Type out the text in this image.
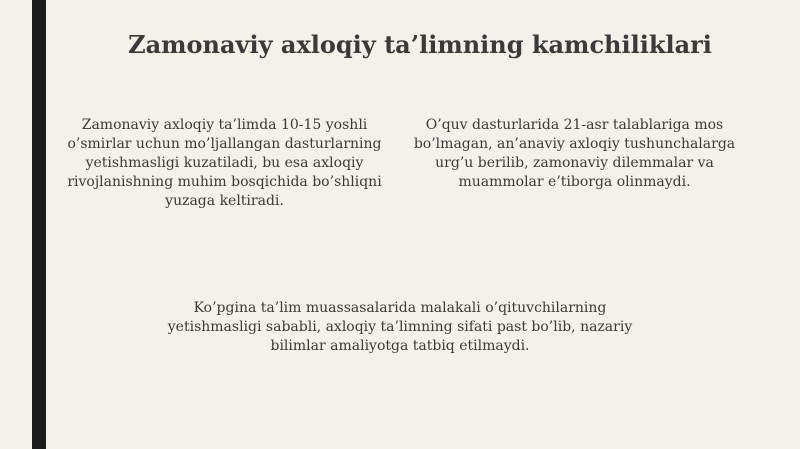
Zamonaviy axloqiy ta’limning kamchiliklari

Zamonaviy axloqiy ta’limda 10-15 yoshli o’smirlar uchun mo’ljallangan dasturlarning yetishmasligi kuzatiladi, bu esa axloqiy rivojlanishning muhim bosqichida bo’shliqni yuzaga keltiradi.

O’quv dasturlarida 21-asr talablariga mos bo’lmagan, an’anaviy axloqiy tushunchalarga urg’u berilib, zamonaviy dilemmalar va muammolar e’tiborga olinmaydi.

Ko’pgina ta’lim muassasalarida malakali o’qituvchilarning yetishmasligi sababli, axloqiy ta’limning sifati past bo’lib, nazariy bilimlar amaliyotga tatbiq etilmaydi.
